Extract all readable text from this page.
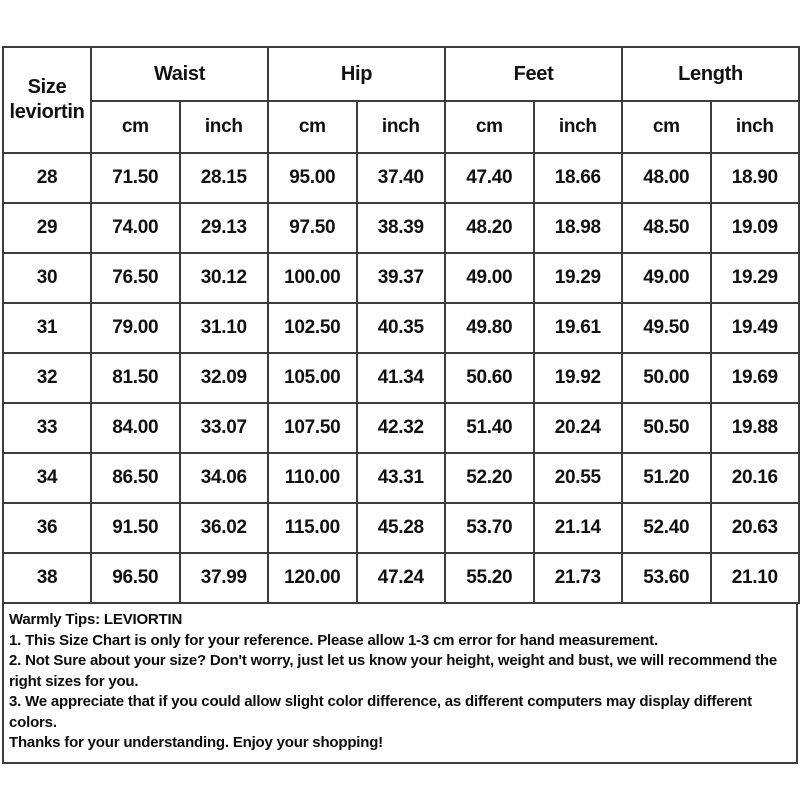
Size
leviortin	Waist		Hip		Feet		Length	
	cm	inch	cm	inch	cm	inch	cm	inch
28	71.50	28.15	95.00	37.40	47.40	18.66	48.00	18.90
29	74.00	29.13	97.50	38.39	48.20	18.98	48.50	19.09
30	76.50	30.12	100.00	39.37	49.00	19.29	49.00	19.29
31	79.00	31.10	102.50	40.35	49.80	19.61	49.50	19.49
32	81.50	32.09	105.00	41.34	50.60	19.92	50.00	19.69
33	84.00	33.07	107.50	42.32	51.40	20.24	50.50	19.88
34	86.50	34.06	110.00	43.31	52.20	20.55	51.20	20.16
36	91.50	36.02	115.00	45.28	53.70	21.14	52.40	20.63
38	96.50	37.99	120.00	47.24	55.20	21.73	53.60	21.10
Warmly Tips: LEVIORTIN
1. This Size Chart is only for your reference. Please allow 1-3 cm error for hand measurement.
2. Not Sure about your size? Don't worry, just let us know your height, weight and bust, we will recommend the right sizes for you.
3. We appreciate that if you could allow slight color difference, as different computers may display different colors.
Thanks for your understanding. Enjoy your shopping!
